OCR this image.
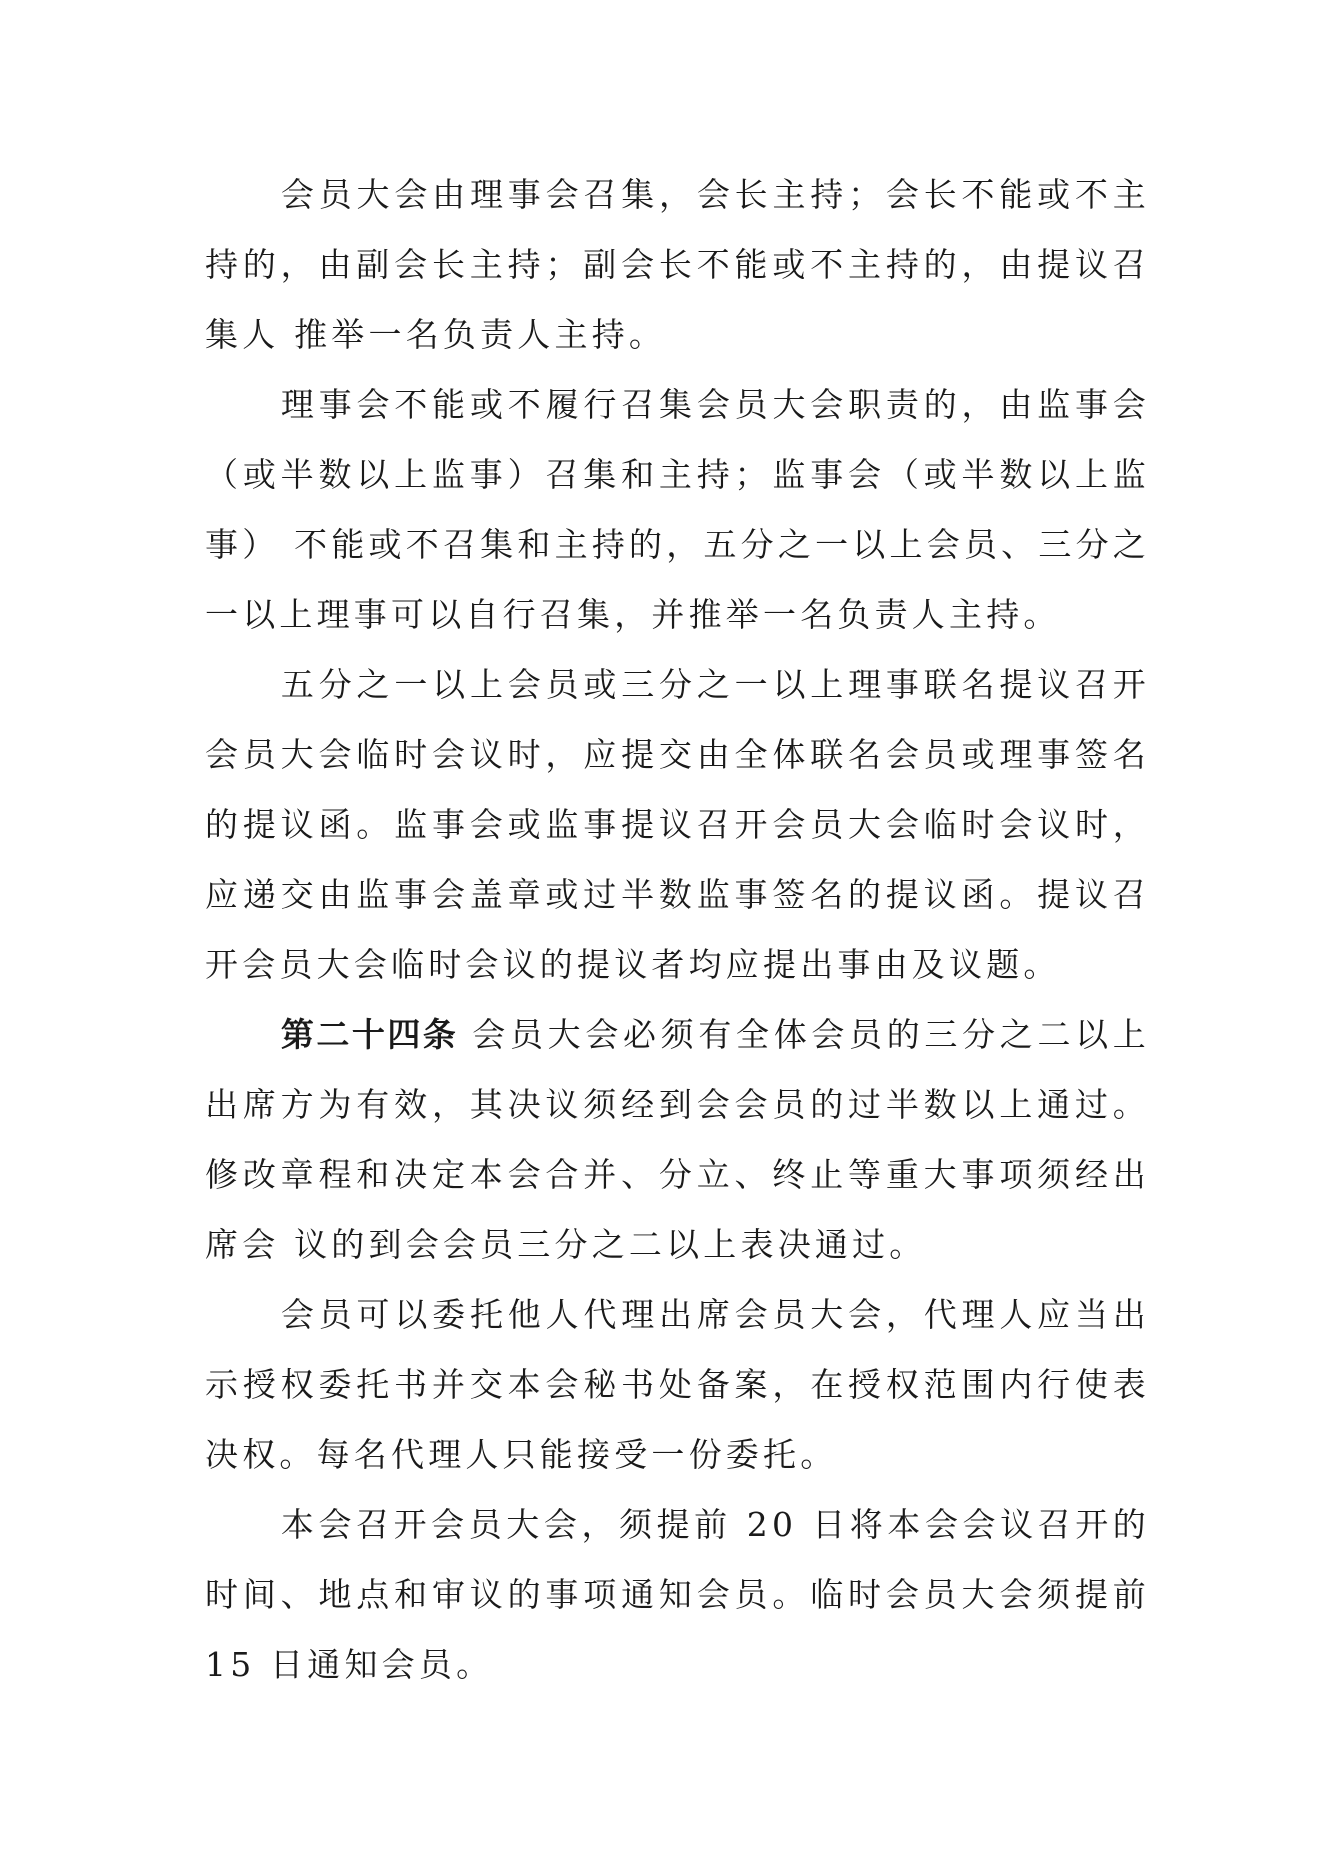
会员大会由理事会召集，会长主持；会长不能或不主持的，由副会长主持；副会长不能或不主持的，由提议召集人 推举一名负责人主持。

理事会不能或不履行召集会员大会职责的，由监事会（或半数以上监事）召集和主持；监事会（或半数以上监事） 不能或不召集和主持的，五分之一以上会员、三分之一以上理事可以自行召集，并推举一名负责人主持。

五分之一以上会员或三分之一以上理事联名提议召开会员大会临时会议时，应提交由全体联名会员或理事签名的提议函。监事会或监事提议召开会员大会临时会议时，应递交由监事会盖章或过半数监事签名的提议函。提议召开会员大会临时会议的提议者均应提出事由及议题。

第二十四条 会员大会必须有全体会员的三分之二以上出席方为有效，其决议须经到会会员的过半数以上通过。修改章程和决定本会合并、分立、终止等重大事项须经出席会 议的到会会员三分之二以上表决通过。

会员可以委托他人代理出席会员大会，代理人应当出示授权委托书并交本会秘书处备案，在授权范围内行使表决权。每名代理人只能接受一份委托。

本会召开会员大会，须提前 20 日将本会会议召开的时间、地点和审议的事项通知会员。临时会员大会须提前 15 日通知会员。
